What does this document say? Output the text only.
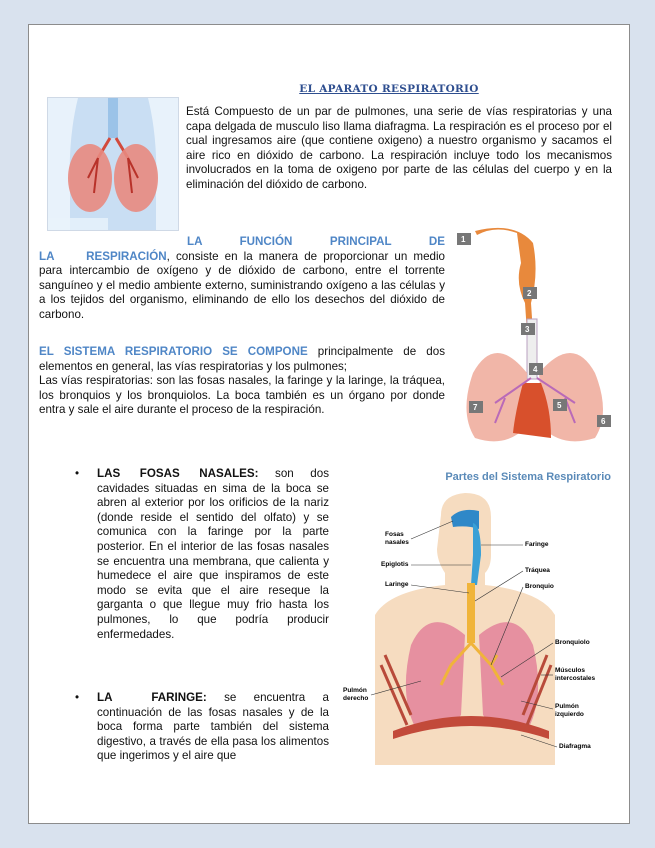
EL APARATO RESPIRATORIO
Está Compuesto de un par de pulmones, una serie de vías respiratorias y una capa delgada de musculo liso llama diafragma. La respiración es el proceso por el cual ingresamos aire (que contiene oxigeno) a nuestro organismo y sacamos el aire rico en dióxido de carbono. La respiración incluye todo los mecanismos involucrados en la toma de oxigeno por parte de las células del cuerpo y en la eliminación del dióxido de carbono.
LA FUNCIÓN PRINCIPAL DE LA RESPIRACIÓN, consiste en la manera de proporcionar un medio para intercambio de oxígeno y de dióxido de carbono, entre el torrente sanguíneo y el medio ambiente externo, suministrando oxígeno a las células y a los tejidos del organismo, eliminando de ello los desechos del dióxido de carbono.
1
2
3
4
5
6
7
EL SISTEMA RESPIRATORIO SE COMPONE principalmente de dos elementos en general, las vías respiratorias y los pulmones;
Las vías respiratorias: son las fosas nasales, la faringe y la laringe, la tráquea, los bronquios y los bronquiolos. La boca también es un órgano por donde entra y sale el aire durante el proceso de la respiración.
• LAS FOSAS NASALES: son dos cavidades situadas en sima de la boca se abren al exterior por los orificios de la nariz (donde reside el sentido del olfato) y se comunica con la faringe por la parte posterior. En el interior de las fosas nasales se encuentra una membrana, que calienta y humedece el aire que inspiramos de este modo se evita que el aire reseque la garganta o que llegue muy frio hasta los pulmones, lo que podría producir enfermedades.
• LA FARINGE: se encuentra a continuación de las fosas nasales y de la boca forma parte también del sistema digestivo, a través de ella pasa los alimentos que ingerimos y el aire que
Partes del Sistema Respiratorio
Fosas nasales
Epiglotis
Laringe
Pulmón derecho
Faringe
Tráquea
Bronquio
Bronquiolo
Músculos intercostales
Pulmón izquierdo
Diafragma
